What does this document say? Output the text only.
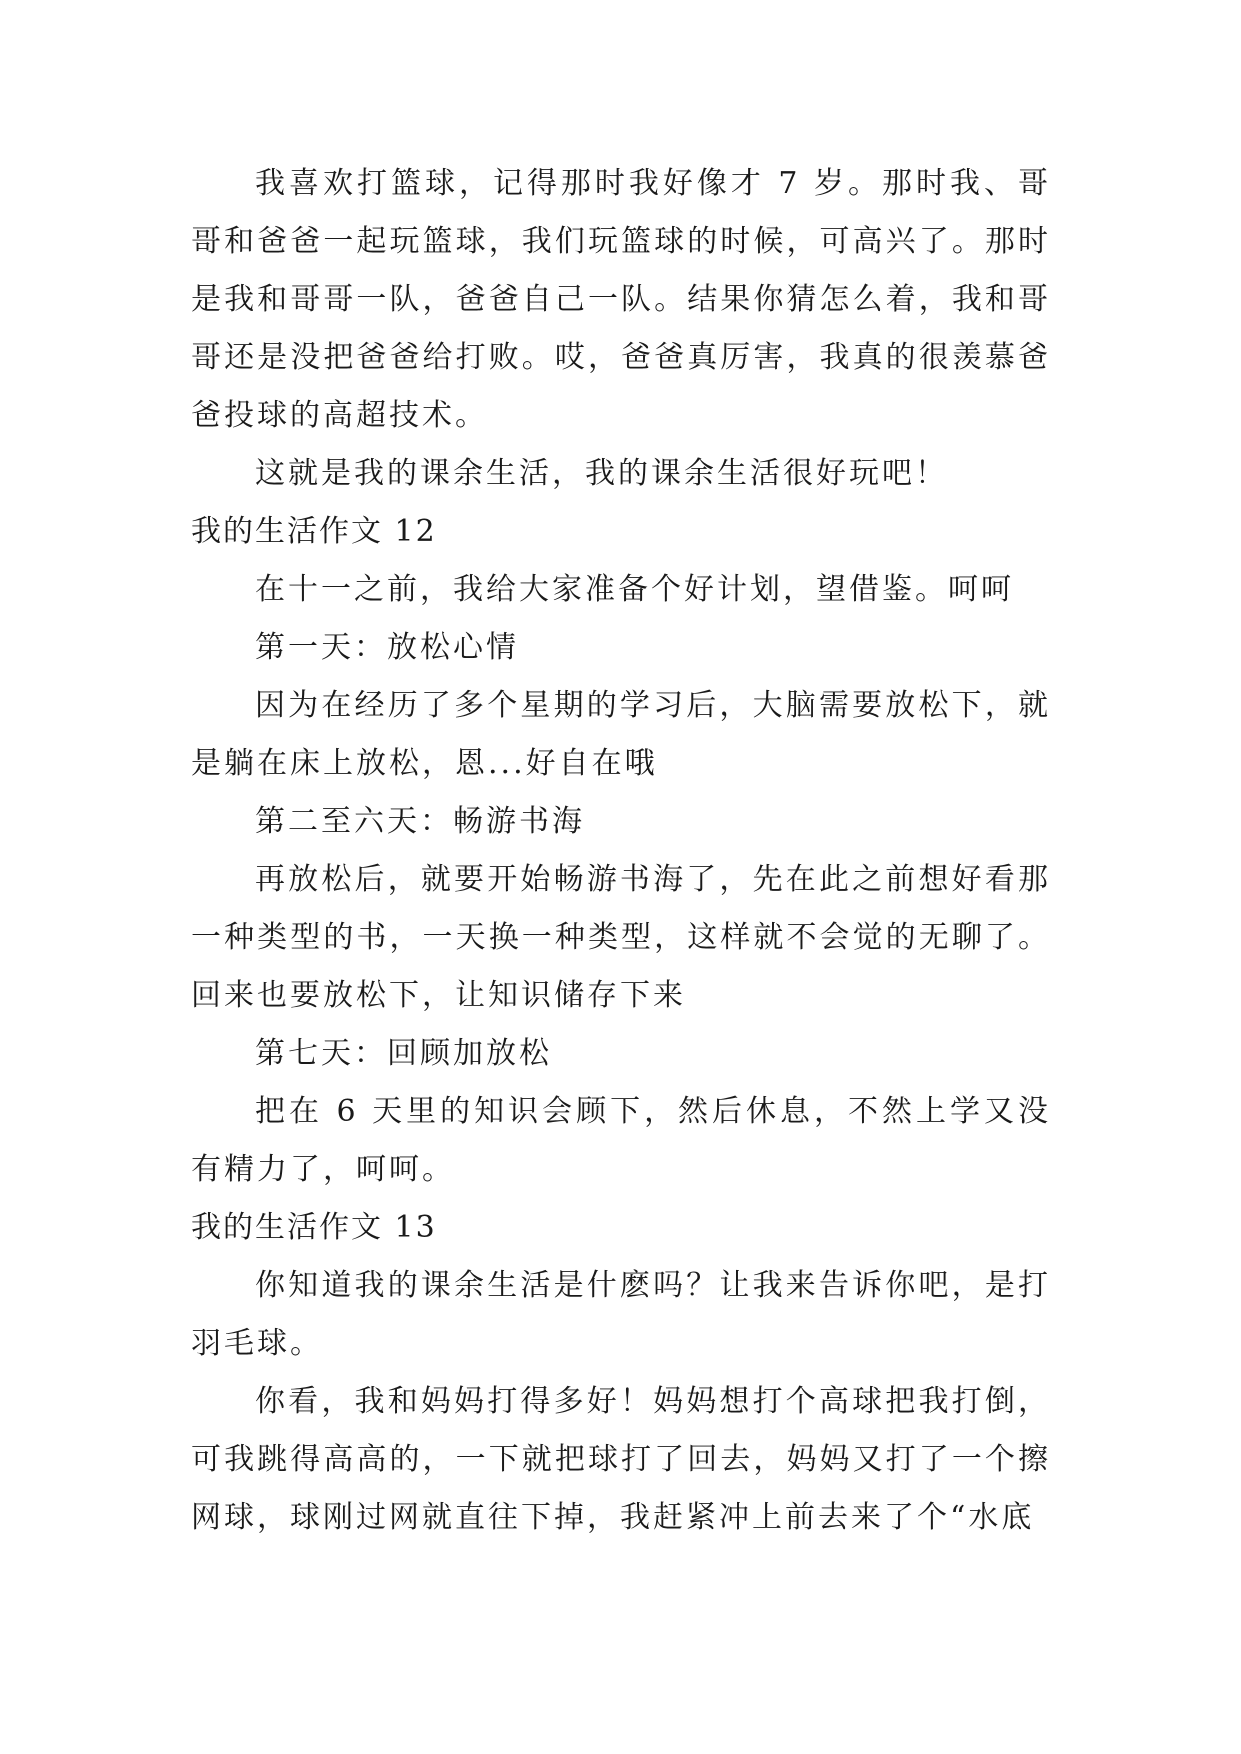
我喜欢打篮球，记得那时我好像才 7 岁。那时我、哥哥和爸爸一起玩篮球，我们玩篮球的时候，可高兴了。那时是我和哥哥一队，爸爸自己一队。结果你猜怎么着，我和哥哥还是没把爸爸给打败。哎，爸爸真厉害，我真的很羡慕爸爸投球的高超技术。

这就是我的课余生活，我的课余生活很好玩吧！

我的生活作文 12

在十一之前，我给大家准备个好计划，望借鉴。呵呵

第一天：放松心情

因为在经历了多个星期的学习后，大脑需要放松下，就是躺在床上放松，恩...好自在哦

第二至六天：畅游书海

再放松后，就要开始畅游书海了，先在此之前想好看那一种类型的书，一天换一种类型，这样就不会觉的无聊了。回来也要放松下，让知识储存下来

第七天：回顾加放松

把在 6 天里的知识会顾下，然后休息，不然上学又没有精力了，呵呵。

我的生活作文 13

你知道我的课余生活是什麽吗？让我来告诉你吧，是打羽毛球。

你看，我和妈妈打得多好！妈妈想打个高球把我打倒，可我跳得高高的，一下就把球打了回去，妈妈又打了一个擦网球，球刚过网就直往下掉，我赶紧冲上前去来了个“水底
